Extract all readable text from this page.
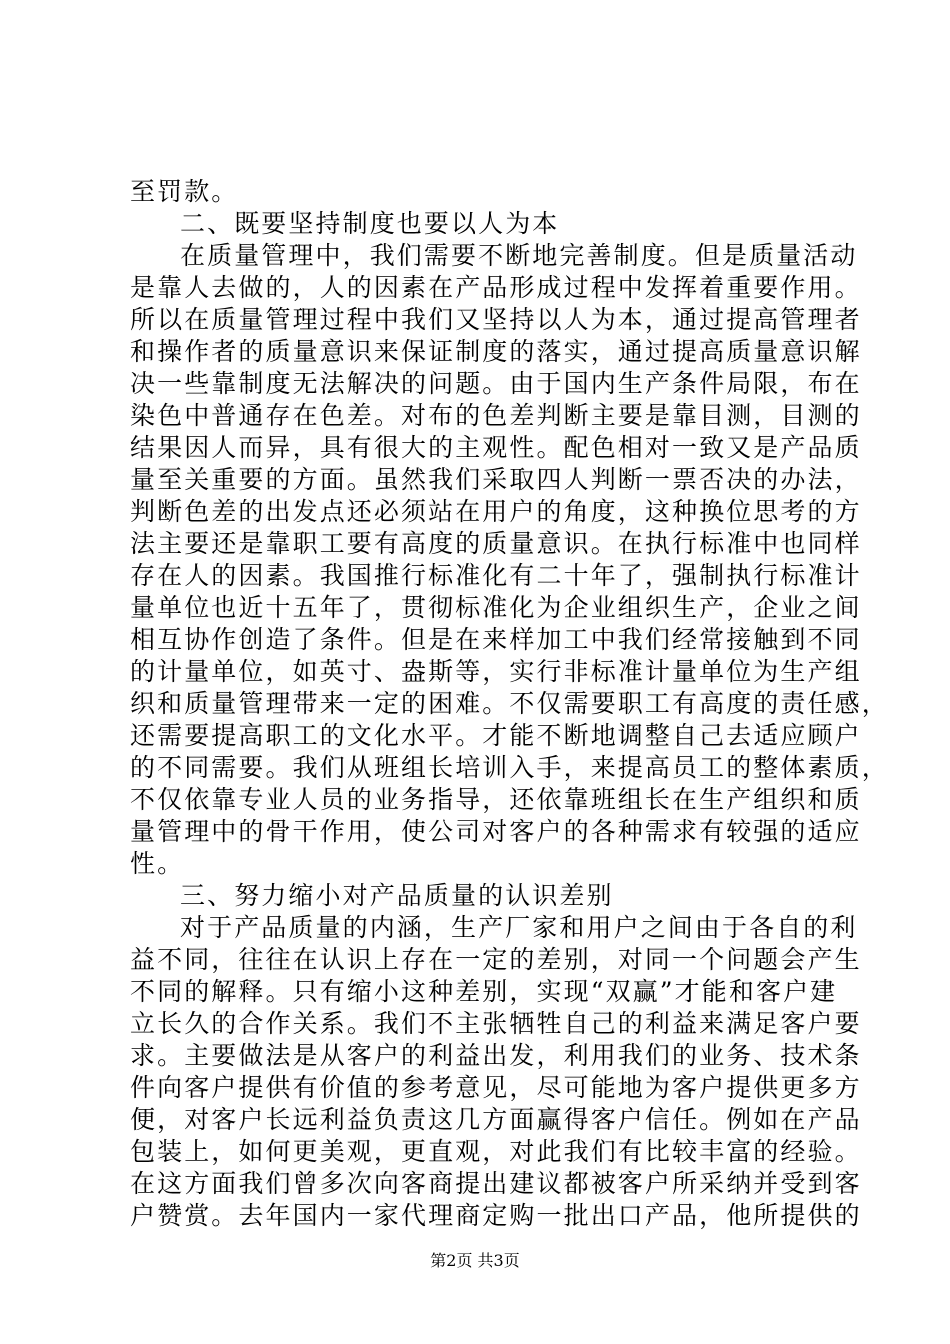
至罚款。
二、既要坚持制度也要以人为本
在质量管理中，我们需要不断地完善制度。但是质量活动
是靠人去做的，人的因素在产品形成过程中发挥着重要作用。
所以在质量管理过程中我们又坚持以人为本，通过提高管理者
和操作者的质量意识来保证制度的落实，通过提高质量意识解
决一些靠制度无法解决的问题。由于国内生产条件局限，布在
染色中普通存在色差。对布的色差判断主要是靠目测，目测的
结果因人而异，具有很大的主观性。配色相对一致又是产品质
量至关重要的方面。虽然我们采取四人判断一票否决的办法，
判断色差的出发点还必须站在用户的角度，这种换位思考的方
法主要还是靠职工要有高度的质量意识。在执行标准中也同样
存在人的因素。我国推行标准化有二十年了，强制执行标准计
量单位也近十五年了，贯彻标准化为企业组织生产，企业之间
相互协作创造了条件。但是在来样加工中我们经常接触到不同
的计量单位，如英寸、盎斯等，实行非标准计量单位为生产组
织和质量管理带来一定的困难。不仅需要职工有高度的责任感，
还需要提高职工的文化水平。才能不断地调整自己去适应顾户
的不同需要。我们从班组长培训入手，来提高员工的整体素质，
不仅依靠专业人员的业务指导，还依靠班组长在生产组织和质
量管理中的骨干作用，使公司对客户的各种需求有较强的适应
性。
三、努力缩小对产品质量的认识差别
对于产品质量的内涵，生产厂家和用户之间由于各自的利
益不同，往往在认识上存在一定的差别，对同一个问题会产生
不同的解释。只有缩小这种差别，实现“双赢”才能和客户建
立长久的合作关系。我们不主张牺牲自己的利益来满足客户要
求。主要做法是从客户的利益出发，利用我们的业务、技术条
件向客户提供有价值的参考意见，尽可能地为客户提供更多方
便，对客户长远利益负责这几方面赢得客户信任。例如在产品
包装上，如何更美观，更直观，对此我们有比较丰富的经验。
在这方面我们曾多次向客商提出建议都被客户所采纳并受到客
户赞赏。去年国内一家代理商定购一批出口产品，他所提供的
第2页 共3页
